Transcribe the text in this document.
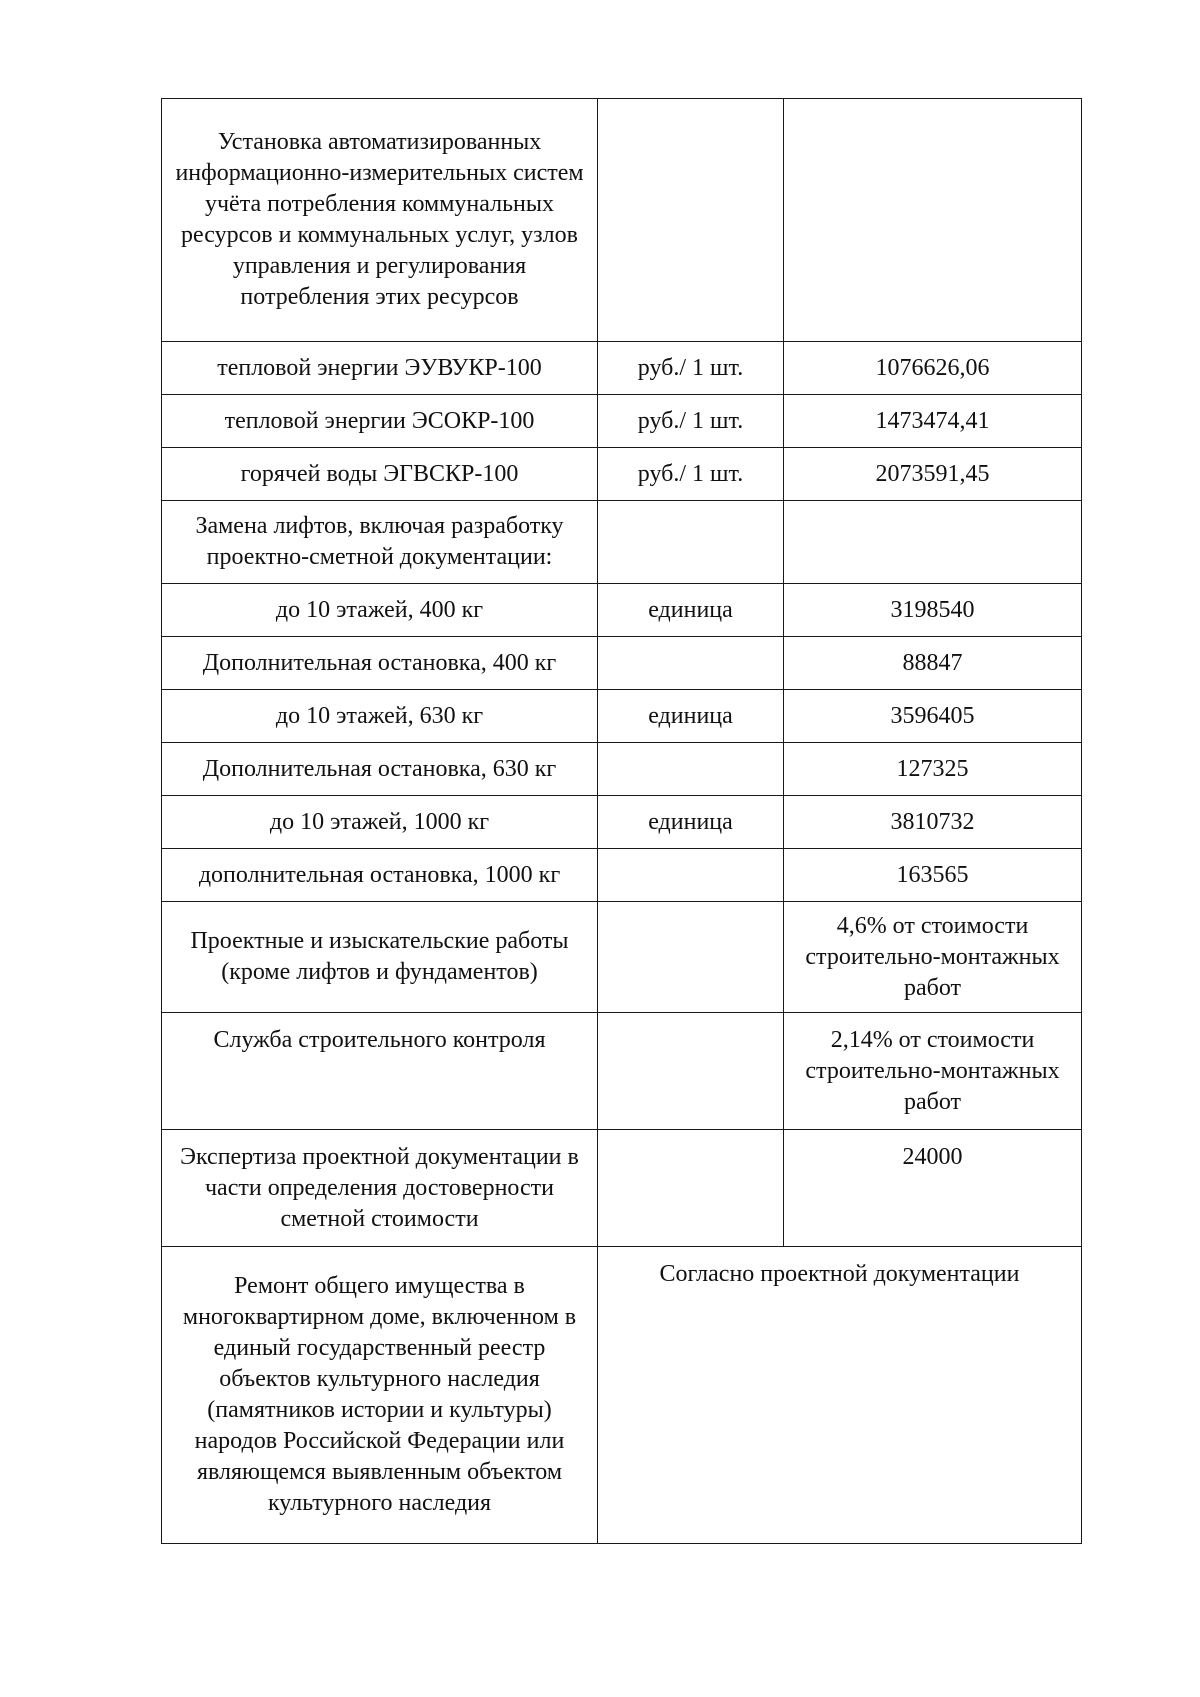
Установка автоматизированных информационно-измерительных систем учёта потребления коммунальных ресурсов и коммунальных услуг, узлов управления и регулирования потребления этих ресурсов		
тепловой энергии ЭУВУКР-100	руб./ 1 шт.	1076626,06
тепловой энергии ЭСОКР-100	руб./ 1 шт.	1473474,41
горячей воды ЭГВСКР-100	руб./ 1 шт.	2073591,45
Замена лифтов, включая разработку проектно-сметной документации:		
до 10 этажей, 400 кг	единица	3198540
Дополнительная остановка, 400 кг		88847
до 10 этажей, 630 кг	единица	3596405
Дополнительная остановка, 630 кг		127325
до 10 этажей, 1000 кг	единица	3810732
дополнительная остановка, 1000 кг		163565
Проектные и изыскательские работы (кроме лифтов и фундаментов)		4,6% от стоимости строительно-монтажных работ
Служба строительного контроля		2,14% от стоимости строительно-монтажных работ
Экспертиза проектной документации в части определения достоверности сметной стоимости		24000
Ремонт общего имущества в многоквартирном доме, включенном в единый государственный реестр объектов культурного наследия (памятников истории и культуры) народов Российской Федерации или являющемся выявленным объектом культурного наследия	Согласно проектной документации	
